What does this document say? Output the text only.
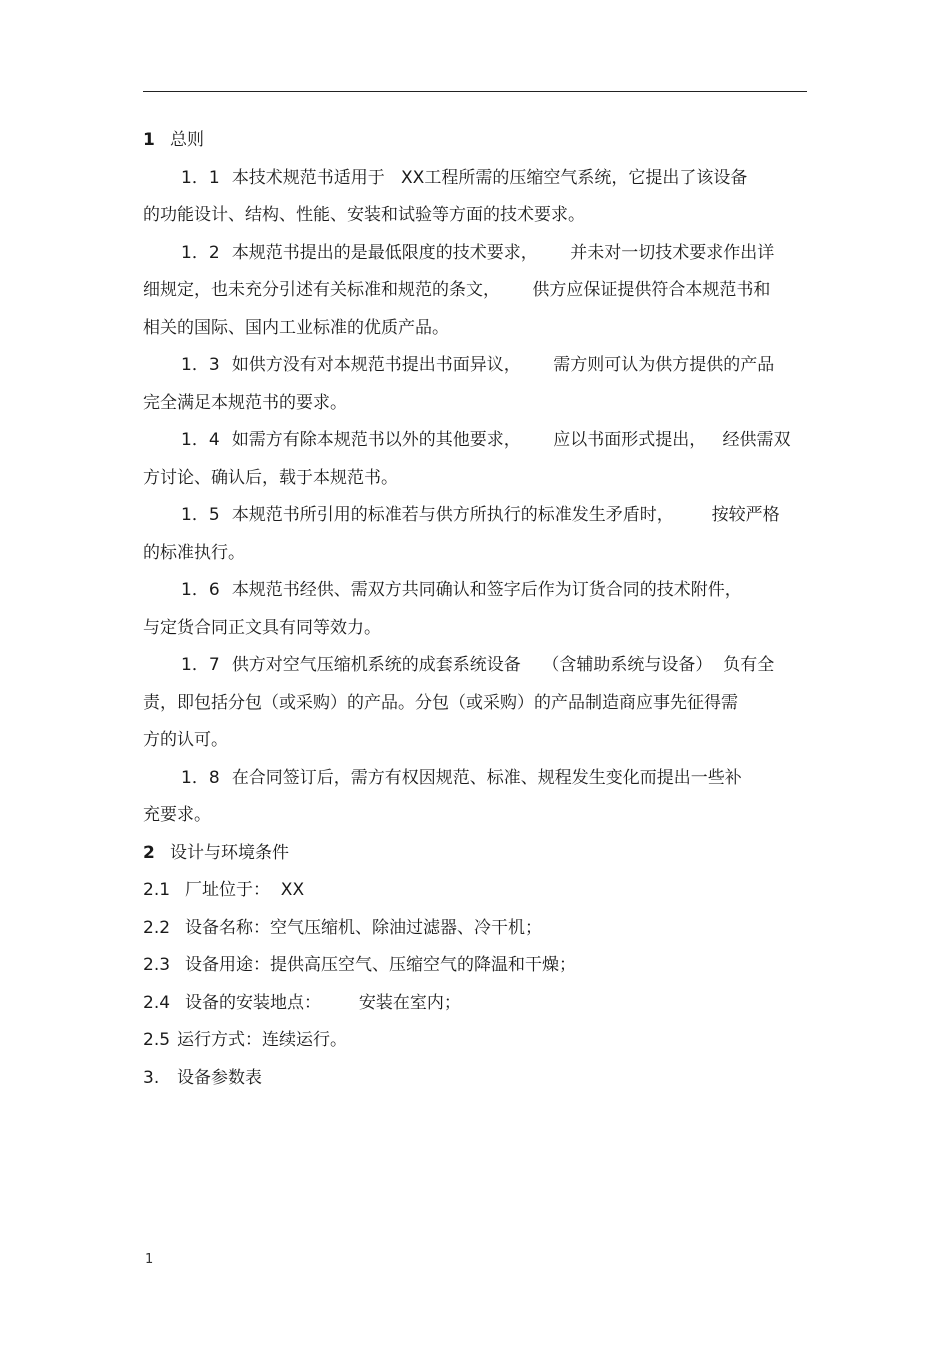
1 总则
1．1 本技术规范书适用于   XX工程所需的压缩空气系统，它提出了该设备
的功能设计、结构、性能、安装和试验等方面的技术要求。
1．2 本规范书提出的是最低限度的技术要求，      并未对一切技术要求作出详
细规定，也未充分引述有关标准和规范的条文，      供方应保证提供符合本规范书和
相关的国际、国内工业标准的优质产品。
1．3 如供方没有对本规范书提出书面异议，      需方则可认为供方提供的产品
完全满足本规范书的要求。
1．4 如需方有除本规范书以外的其他要求，      应以书面形式提出，   经供需双
方讨论、确认后，载于本规范书。
1．5 本规范书所引用的标准若与供方所执行的标准发生矛盾时，       按较严格
的标准执行。
1．6 本规范书经供、需双方共同确认和签字后作为订货合同的技术附件，
与定货合同正文具有同等效力。
1．7 供方对空气压缩机系统的成套系统设备    （含辅助系统与设备）  负有全
责，即包括分包（或采购）的产品。分包（或采购）的产品制造商应事先征得需
方的认可。
1．8 在合同签订后，需方有权因规范、标准、规程发生变化而提出一些补
充要求。
2 设计与环境条件
2.1 厂址位于：  XX
2.2 设备名称：空气压缩机、除油过滤器、冷干机；
2.3 设备用途：提供高压空气、压缩空气的降温和干燥；
2.4 设备的安装地点：       安装在室内；
2.5 运行方式：连续运行。
3. 设备参数表
1
